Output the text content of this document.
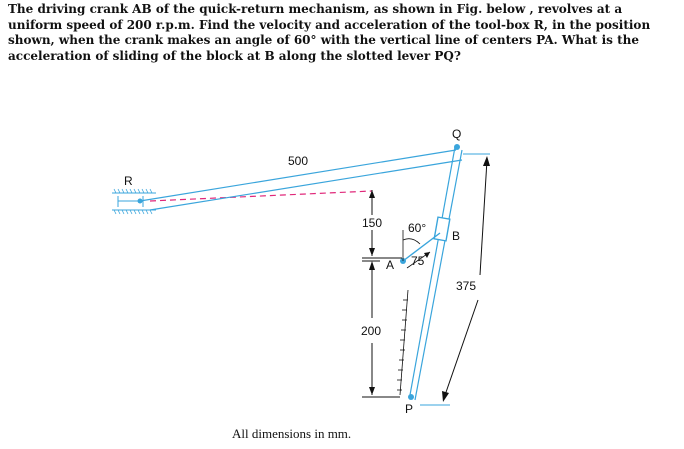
The driving crank AB of the quick-return mechanism, as shown in Fig. below , revolves at a uniform speed of 200 r.p.m. Find the velocity and acceleration of the tool-box R, in the position shown, when the crank makes an angle of 60° with the vertical line of centers PA. What is the acceleration of sliding of the block at B along the slotted lever PQ?

R
Q
A
B
P
500
150
200
75
375
60°
All dimensions in mm.
